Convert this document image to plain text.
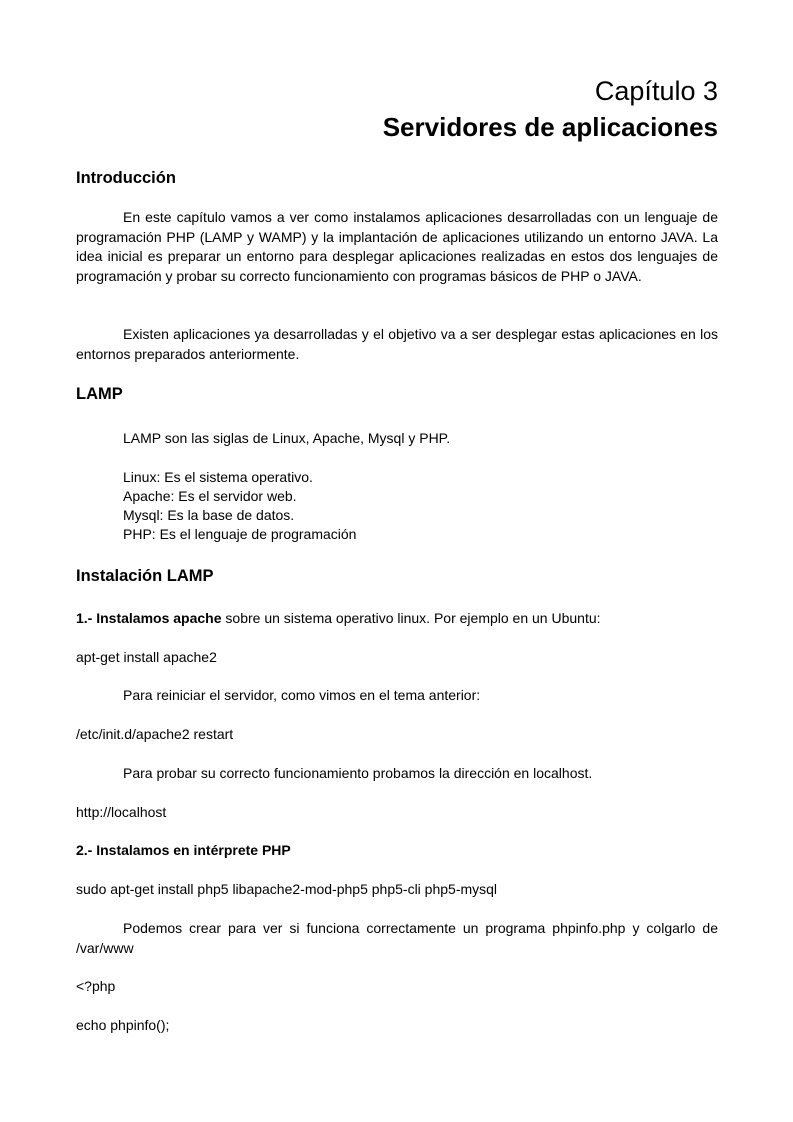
Capítulo 3
Servidores de aplicaciones
Introducción
En este capítulo vamos a ver como instalamos aplicaciones desarrolladas con un lenguaje de programación PHP (LAMP y WAMP) y la implantación de aplicaciones utilizando un entorno JAVA. La idea inicial es preparar un entorno para desplegar aplicaciones realizadas en estos dos lenguajes de programación y probar su correcto funcionamiento con programas básicos de PHP o JAVA.
Existen aplicaciones ya desarrolladas y el objetivo va a ser desplegar estas aplicaciones en los entornos preparados anteriormente.
LAMP
LAMP son las siglas de Linux, Apache, Mysql y PHP.
Linux: Es el sistema operativo.
Apache: Es el servidor web.
Mysql: Es la base de datos.
PHP: Es el lenguaje de programación
Instalación LAMP
1.- Instalamos apache sobre un sistema operativo linux. Por ejemplo en un Ubuntu:
apt-get install apache2
Para reiniciar el servidor, como vimos en el tema anterior:
/etc/init.d/apache2 restart
Para probar su correcto funcionamiento probamos la dirección en localhost.
http://localhost
2.- Instalamos en intérprete PHP
sudo apt-get install php5 libapache2-mod-php5 php5-cli php5-mysql
Podemos crear para ver si funciona correctamente un programa phpinfo.php y colgarlo de /var/www
<?php
echo phpinfo();
